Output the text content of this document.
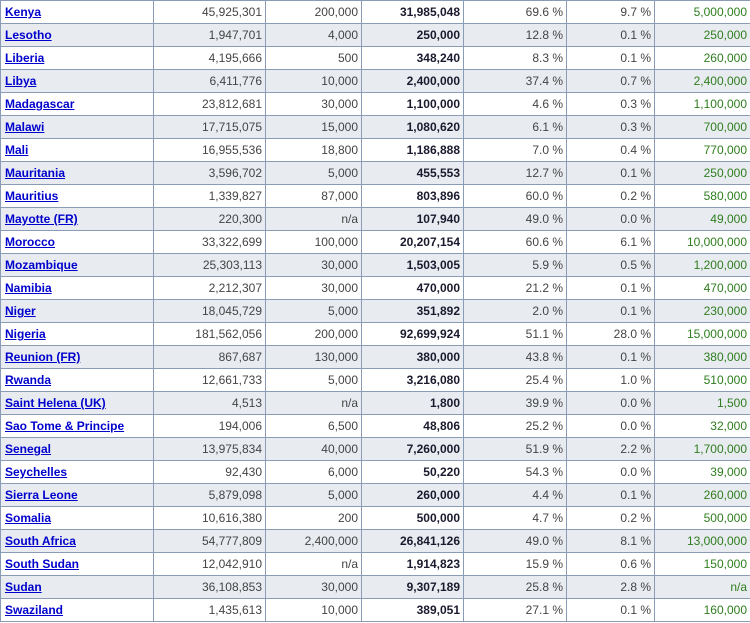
Kenya	45,925,301	200,000	31,985,048	69.6 %	9.7 %	5,000,000
Lesotho	1,947,701	4,000	250,000	12.8 %	0.1 %	250,000
Liberia	4,195,666	500	348,240	8.3 %	0.1 %	260,000
Libya	6,411,776	10,000	2,400,000	37.4 %	0.7 %	2,400,000
Madagascar	23,812,681	30,000	1,100,000	4.6 %	0.3 %	1,100,000
Malawi	17,715,075	15,000	1,080,620	6.1 %	0.3 %	700,000
Mali	16,955,536	18,800	1,186,888	7.0 %	0.4 %	770,000
Mauritania	3,596,702	5,000	455,553	12.7 %	0.1 %	250,000
Mauritius	1,339,827	87,000	803,896	60.0 %	0.2 %	580,000
Mayotte (FR)	220,300	n/a	107,940	49.0 %	0.0 %	49,000
Morocco	33,322,699	100,000	20,207,154	60.6 %	6.1 %	10,000,000
Mozambique	25,303,113	30,000	1,503,005	5.9 %	0.5 %	1,200,000
Namibia	2,212,307	30,000	470,000	21.2 %	0.1 %	470,000
Niger	18,045,729	5,000	351,892	2.0 %	0.1 %	230,000
Nigeria	181,562,056	200,000	92,699,924	51.1 %	28.0 %	15,000,000
Reunion (FR)	867,687	130,000	380,000	43.8 %	0.1 %	380,000
Rwanda	12,661,733	5,000	3,216,080	25.4 %	1.0 %	510,000
Saint Helena (UK)	4,513	n/a	1,800	39.9 %	0.0 %	1,500
Sao Tome & Principe	194,006	6,500	48,806	25.2 %	0.0 %	32,000
Senegal	13,975,834	40,000	7,260,000	51.9 %	2.2 %	1,700,000
Seychelles	92,430	6,000	50,220	54.3 %	0.0 %	39,000
Sierra Leone	5,879,098	5,000	260,000	4.4 %	0.1 %	260,000
Somalia	10,616,380	200	500,000	4.7 %	0.2 %	500,000
South Africa	54,777,809	2,400,000	26,841,126	49.0 %	8.1 %	13,000,000
South Sudan	12,042,910	n/a	1,914,823	15.9 %	0.6 %	150,000
Sudan	36,108,853	30,000	9,307,189	25.8 %	2.8 %	n/a
Swaziland	1,435,613	10,000	389,051	27.1 %	0.1 %	160,000
